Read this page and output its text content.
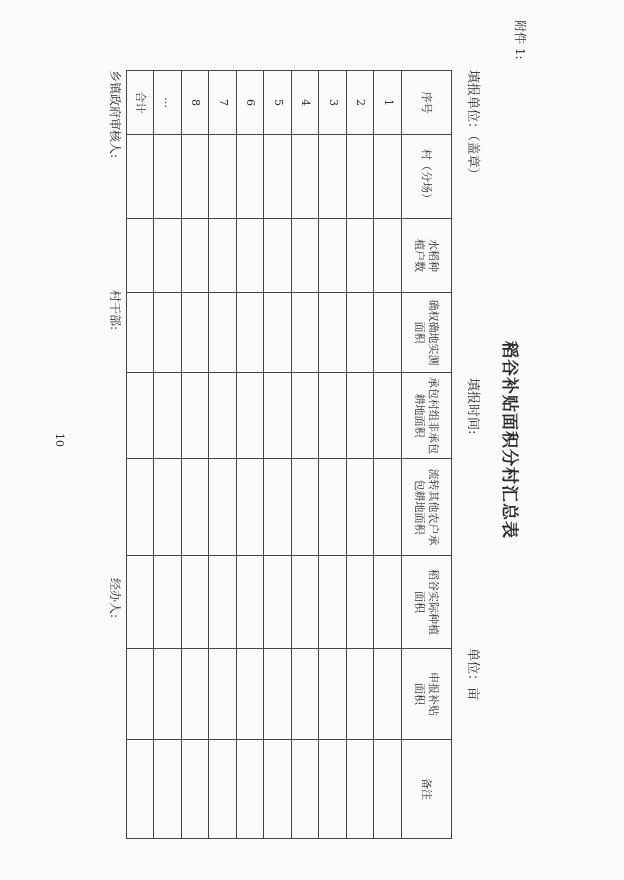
附件 1:
稻谷补贴面积分村汇总表
填报单位：（盖章）
填报时间:
单位：亩
序号	村（分场）	水稻种植户数	确权确地实测面积	承包村组非承包耕地面积	流转其他农户承包耕地面积	稻谷实际种植面积	申报补贴面积	备注
1								
2								
3								
4								
5								
6								
7								
8								
…								
合计								
乡镇政府审核人:
村干部:
经办人:
10
